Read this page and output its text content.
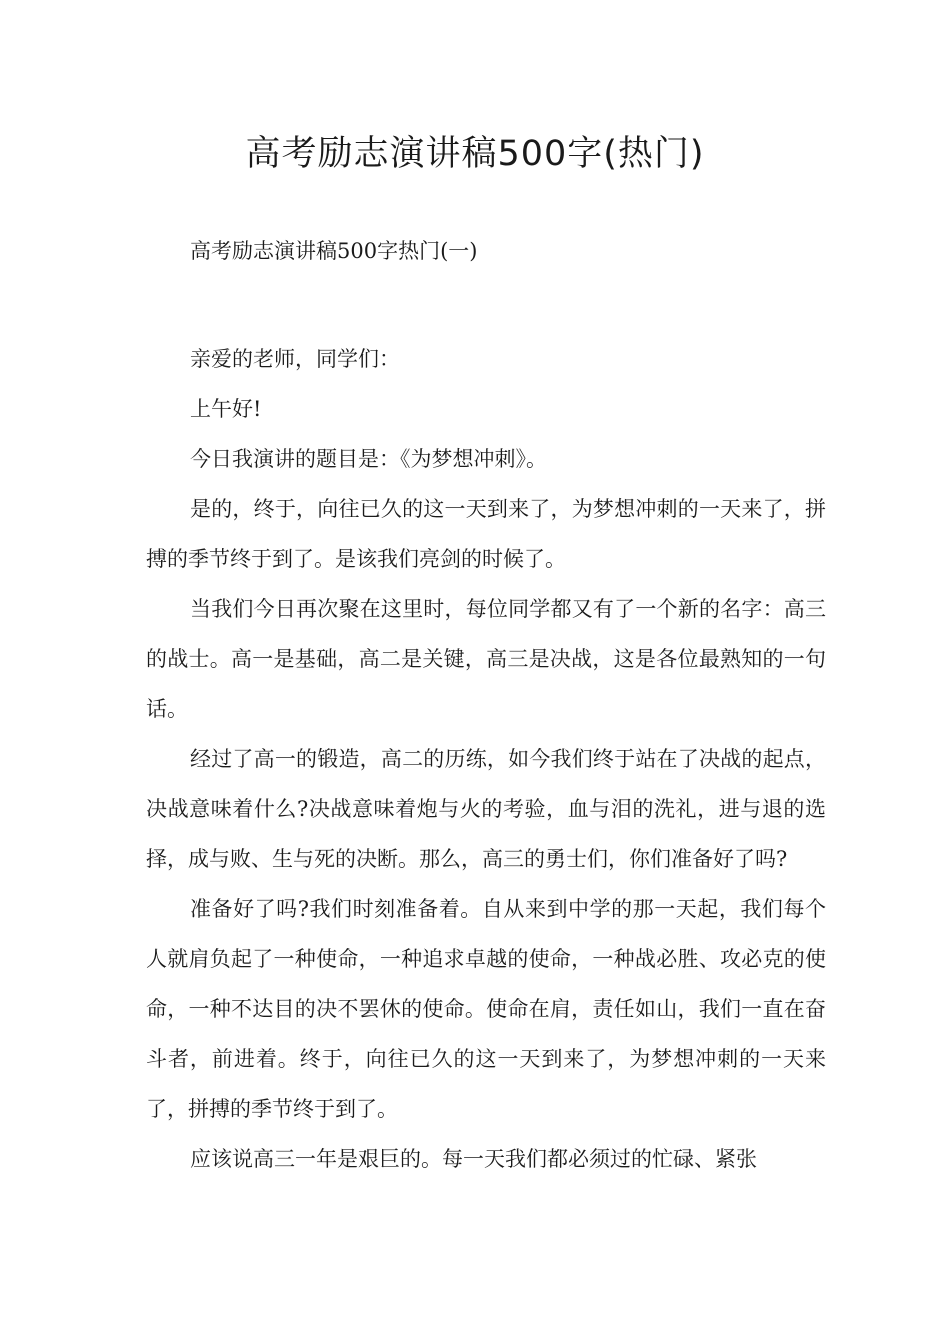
高考励志演讲稿500字(热门)

高考励志演讲稿500字热门(一)

亲爱的老师，同学们：

上午好!

今日我演讲的题目是：《为梦想冲刺》。

是的，终于，向往已久的这一天到来了，为梦想冲刺的一天来了，拼搏的季节终于到了。是该我们亮剑的时候了。

当我们今日再次聚在这里时，每位同学都又有了一个新的名字：高三的战士。高一是基础，高二是关键，高三是决战，这是各位最熟知的一句话。

经过了高一的锻造，高二的历练，如今我们终于站在了决战的起点，决战意味着什么?决战意味着炮与火的考验，血与泪的洗礼，进与退的选择，成与败、生与死的决断。那么，高三的勇士们，你们准备好了吗?

准备好了吗?我们时刻准备着。自从来到中学的那一天起，我们每个人就肩负起了一种使命，一种追求卓越的使命，一种战必胜、攻必克的使命，一种不达目的决不罢休的使命。使命在肩，责任如山，我们一直在奋斗者，前进着。终于，向往已久的这一天到来了，为梦想冲刺的一天来了，拼搏的季节终于到了。

应该说高三一年是艰巨的。每一天我们都必须过的忙碌、紧张
